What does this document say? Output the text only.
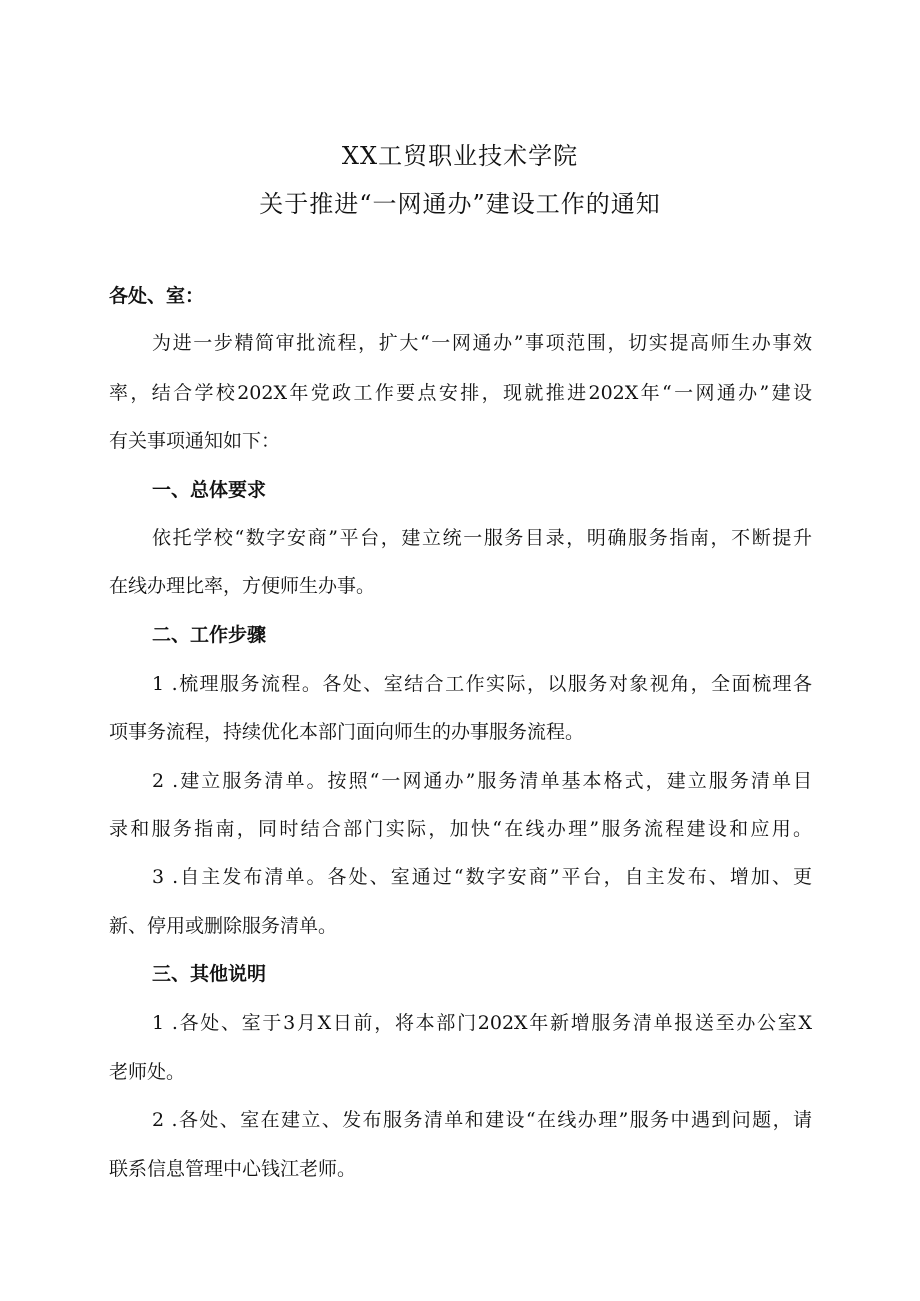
XX工贸职业技术学院
关于推进“一网通办”建设工作的通知
各处、室：
为进一步精简审批流程，扩大“一网通办”事项范围，切实提高师生办事效
率，结合学校202X年党政工作要点安排，现就推进202X年“一网通办”建设
有关事项通知如下：
一、总体要求
依托学校“数字安商”平台，建立统一服务目录，明确服务指南，不断提升
在线办理比率，方便师生办事。
二、工作步骤
1 .梳理服务流程。各处、室结合工作实际，以服务对象视角，全面梳理各
项事务流程，持续优化本部门面向师生的办事服务流程。
2 .建立服务清单。按照“一网通办”服务清单基本格式，建立服务清单目
录和服务指南，同时结合部门实际，加快“在线办理”服务流程建设和应用。
3 .自主发布清单。各处、室通过“数字安商”平台，自主发布、增加、更
新、停用或删除服务清单。
三、其他说明
1 .各处、室于3月X日前，将本部门202X年新增服务清单报送至办公室X
老师处。
2 .各处、室在建立、发布服务清单和建设“在线办理”服务中遇到问题，请
联系信息管理中心钱江老师。
